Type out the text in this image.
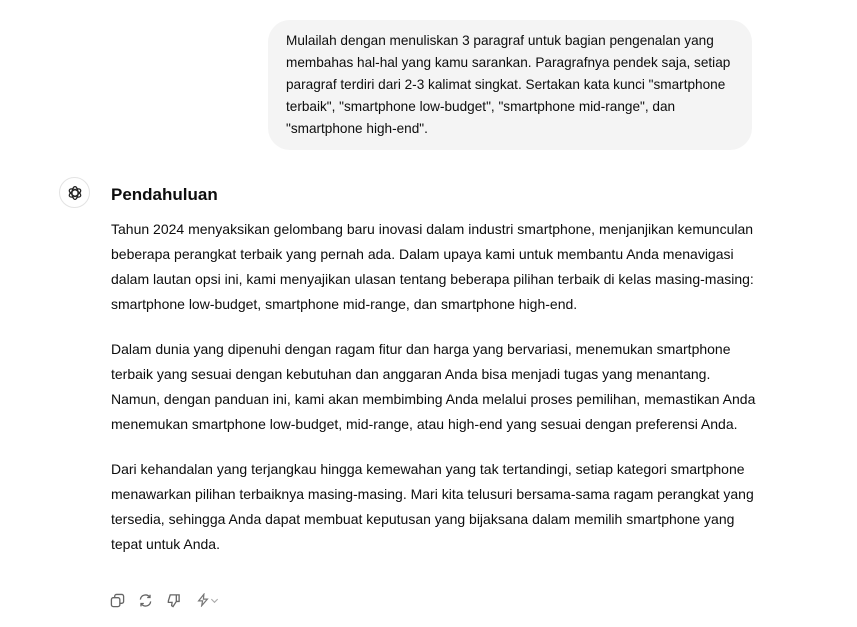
Mulailah dengan menuliskan 3 paragraf untuk bagian pengenalan yang membahas hal-hal yang kamu sarankan. Paragrafnya pendek saja, setiap paragraf terdiri dari 2-3 kalimat singkat. Sertakan kata kunci "smartphone terbaik", "smartphone low-budget", "smartphone mid-range", dan "smartphone high-end".
Pendahuluan

Tahun 2024 menyaksikan gelombang baru inovasi dalam industri smartphone, menjanjikan kemunculan beberapa perangkat terbaik yang pernah ada. Dalam upaya kami untuk membantu Anda menavigasi dalam lautan opsi ini, kami menyajikan ulasan tentang beberapa pilihan terbaik di kelas masing-masing: smartphone low-budget, smartphone mid-range, dan smartphone high-end.

Dalam dunia yang dipenuhi dengan ragam fitur dan harga yang bervariasi, menemukan smartphone terbaik yang sesuai dengan kebutuhan dan anggaran Anda bisa menjadi tugas yang menantang. Namun, dengan panduan ini, kami akan membimbing Anda melalui proses pemilihan, memastikan Anda menemukan smartphone low-budget, mid-range, atau high-end yang sesuai dengan preferensi Anda.

Dari kehandalan yang terjangkau hingga kemewahan yang tak tertandingi, setiap kategori smartphone menawarkan pilihan terbaiknya masing-masing. Mari kita telusuri bersama-sama ragam perangkat yang tersedia, sehingga Anda dapat membuat keputusan yang bijaksana dalam memilih smartphone yang tepat untuk Anda.
